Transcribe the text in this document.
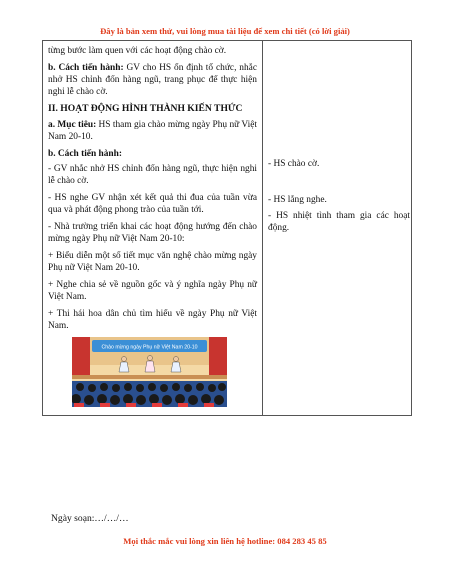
Đây là bản xem thử, vui lòng mua tài liệu để xem chi tiết (có lời giải)

từng bước làm quen với các hoạt động chào cờ.

b. Cách tiến hành: GV cho HS ổn định tổ chức, nhắc nhở HS chỉnh đốn hàng ngũ, trang phục để thực hiện nghi lễ chào cờ.

II. HOẠT ĐỘNG HÌNH THÀNH KIẾN THỨC

a. Mục tiêu: HS tham gia chào mừng ngày Phụ nữ Việt Nam 20-10.

b. Cách tiến hành:

- GV nhắc nhở HS chỉnh đốn hàng ngũ, thực hiện nghi lễ chào cờ.

- HS nghe GV nhận xét kết quả thi đua của tuần vừa qua và phát động phong trào của tuần tới.

- Nhà trường triển khai các hoạt động hướng đến chào mừng ngày Phụ nữ Việt Nam 20-10:

+ Biểu diễn một số tiết mục văn nghệ chào mừng ngày Phụ nữ Việt Nam 20-10.

+ Nghe chia sẻ về nguồn gốc và ý nghĩa ngày Phụ nữ Việt Nam.

+ Thi hái hoa dân chủ tìm hiểu về ngày Phụ nữ Việt Nam.

Chào mừng ngày Phụ nữ Việt Nam 20-10

- HS chào cờ.

- HS lắng nghe.

- HS nhiệt tình tham gia các hoạt động.

Ngày soạn:…/…/…
Mọi thắc mắc vui lòng xin liên hệ hotline: 084 283 45 85
